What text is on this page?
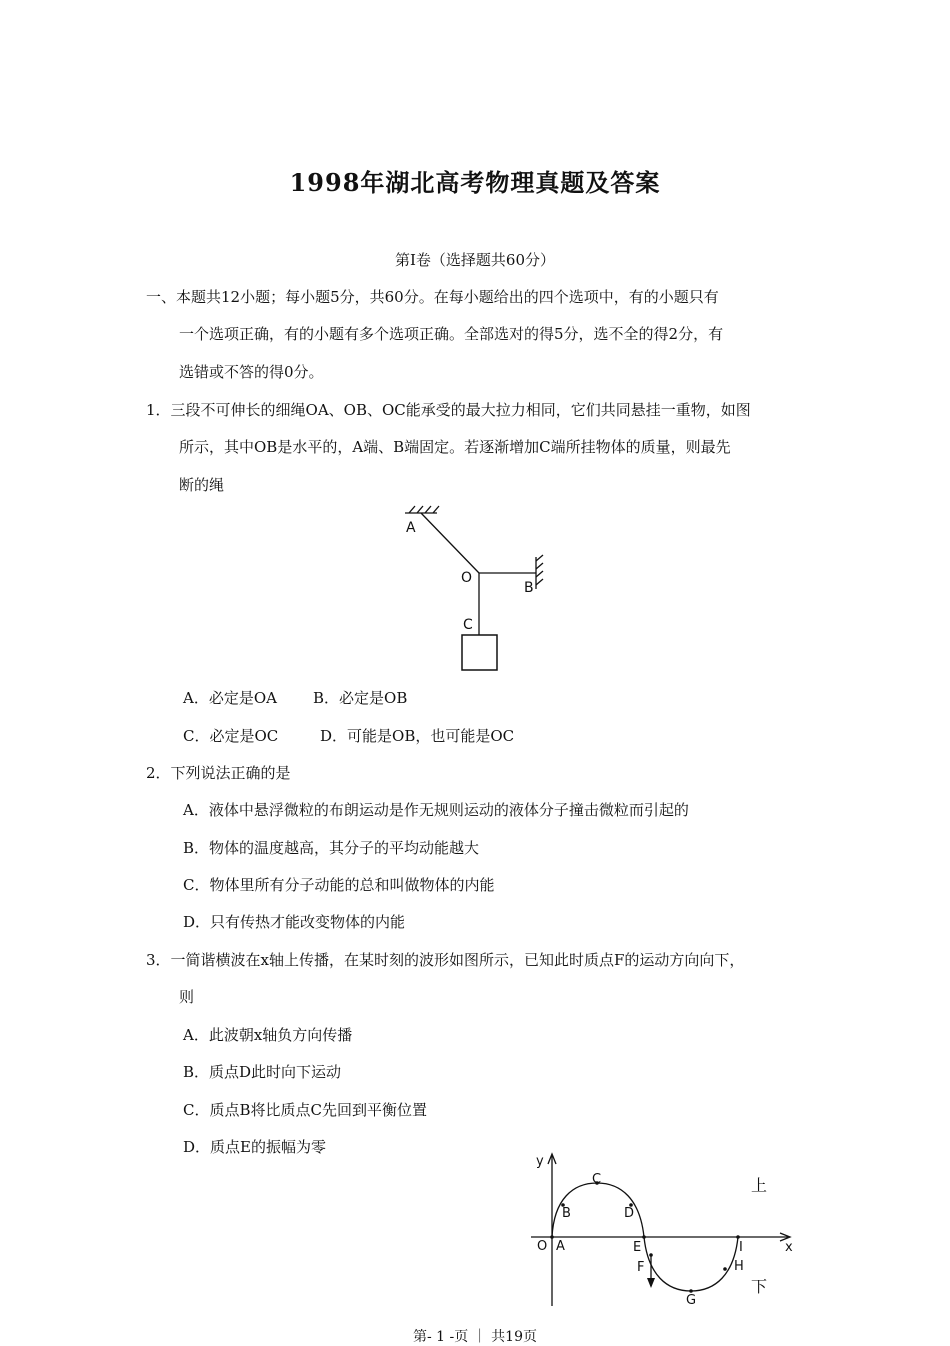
1998年湖北高考物理真题及答案
第Ⅰ卷（选择题共60分）
一、本题共12小题；每小题5分，共60分。在每小题给出的四个选项中，有的小题只有
一个选项正确，有的小题有多个选项正确。全部选对的得5分，选不全的得2分，有
选错或不答的得0分。
1．三段不可伸长的细绳OA、OB、OC能承受的最大拉力相同，它们共同悬挂一重物，如图
所示，其中OB是水平的，A端、B端固定。若逐渐增加C端所挂物体的质量，则最先
断的绳
A
O
B
C
A．必定是OA B．必定是OB
C．必定是OC	D．可能是OB，也可能是OC
2．下列说法正确的是
A．液体中悬浮微粒的布朗运动是作无规则运动的液体分子撞击微粒而引起的
B．物体的温度越高，其分子的平均动能越大
C．物体里所有分子动能的总和叫做物体的内能
D．只有传热才能改变物体的内能
3．一简谐横波在x轴上传播，在某时刻的波形如图所示，已知此时质点F的运动方向向下，
则
A．此波朝x轴负方向传播
B．质点D此时向下运动
C．质点B将比质点C先回到平衡位置
D．质点E的振幅为零
y
x
O A
B
C
D
E
F
G
H
I
上
下
第- 1 -页 ｜ 共19页
